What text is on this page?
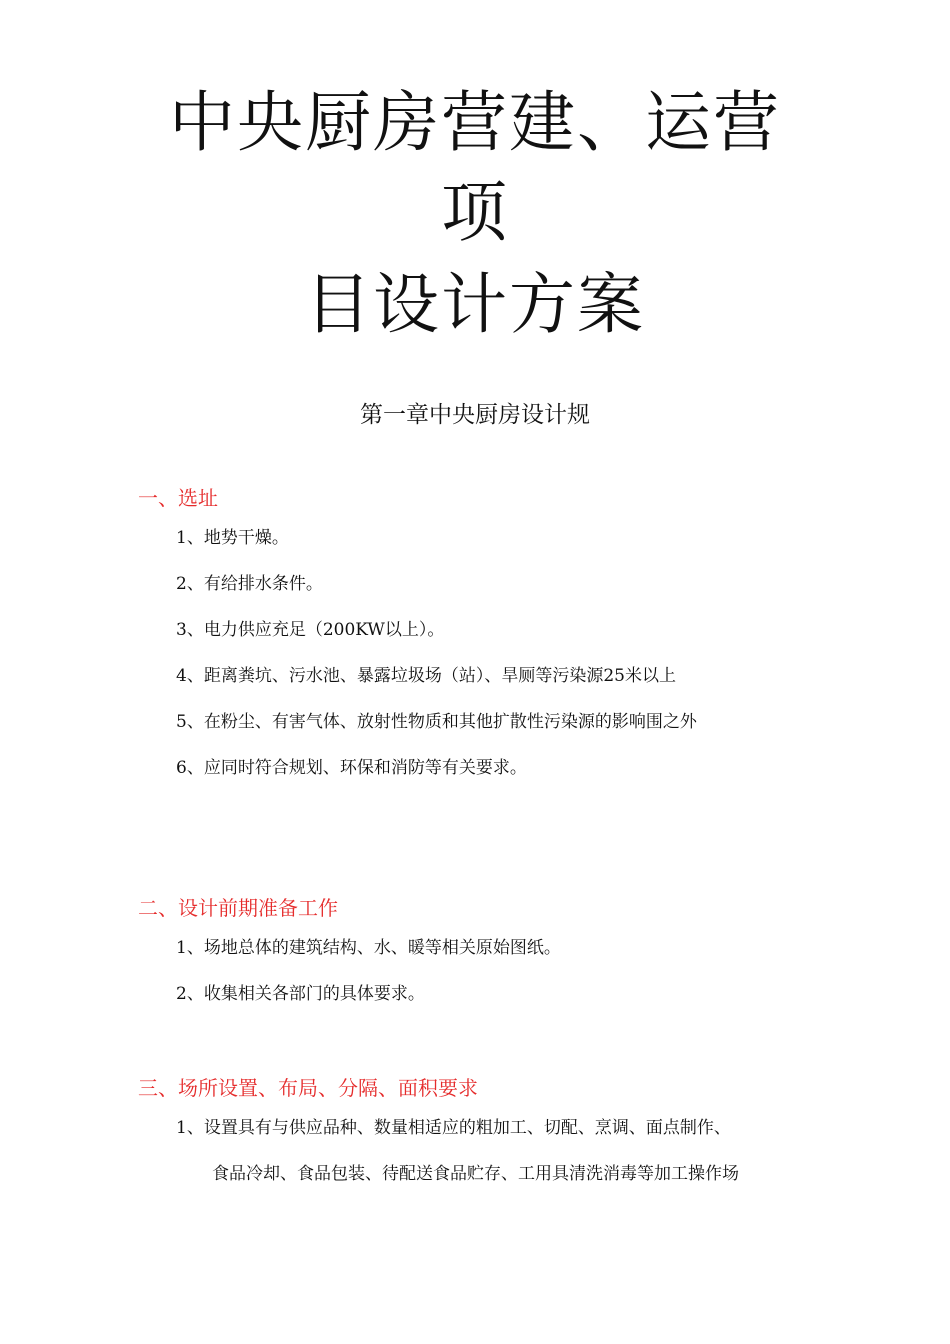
中央厨房营建、运营
项
目设计方案
第一章中央厨房设计规
一、选址
1、地势干燥。
2、有给排水条件。
3、电力供应充足（200KW以上）。
4、距离粪坑、污水池、暴露垃圾场（站）、旱厕等污染源25米以上
5、在粉尘、有害气体、放射性物质和其他扩散性污染源的影响围之外
6、应同时符合规划、环保和消防等有关要求。
二、设计前期准备工作
1、场地总体的建筑结构、水、暖等相关原始图纸。
2、收集相关各部门的具体要求。
三、场所设置、布局、分隔、面积要求
1、设置具有与供应品种、数量相适应的粗加工、切配、烹调、面点制作、
食品冷却、食品包装、待配送食品贮存、工用具清洗消毒等加工操作场
